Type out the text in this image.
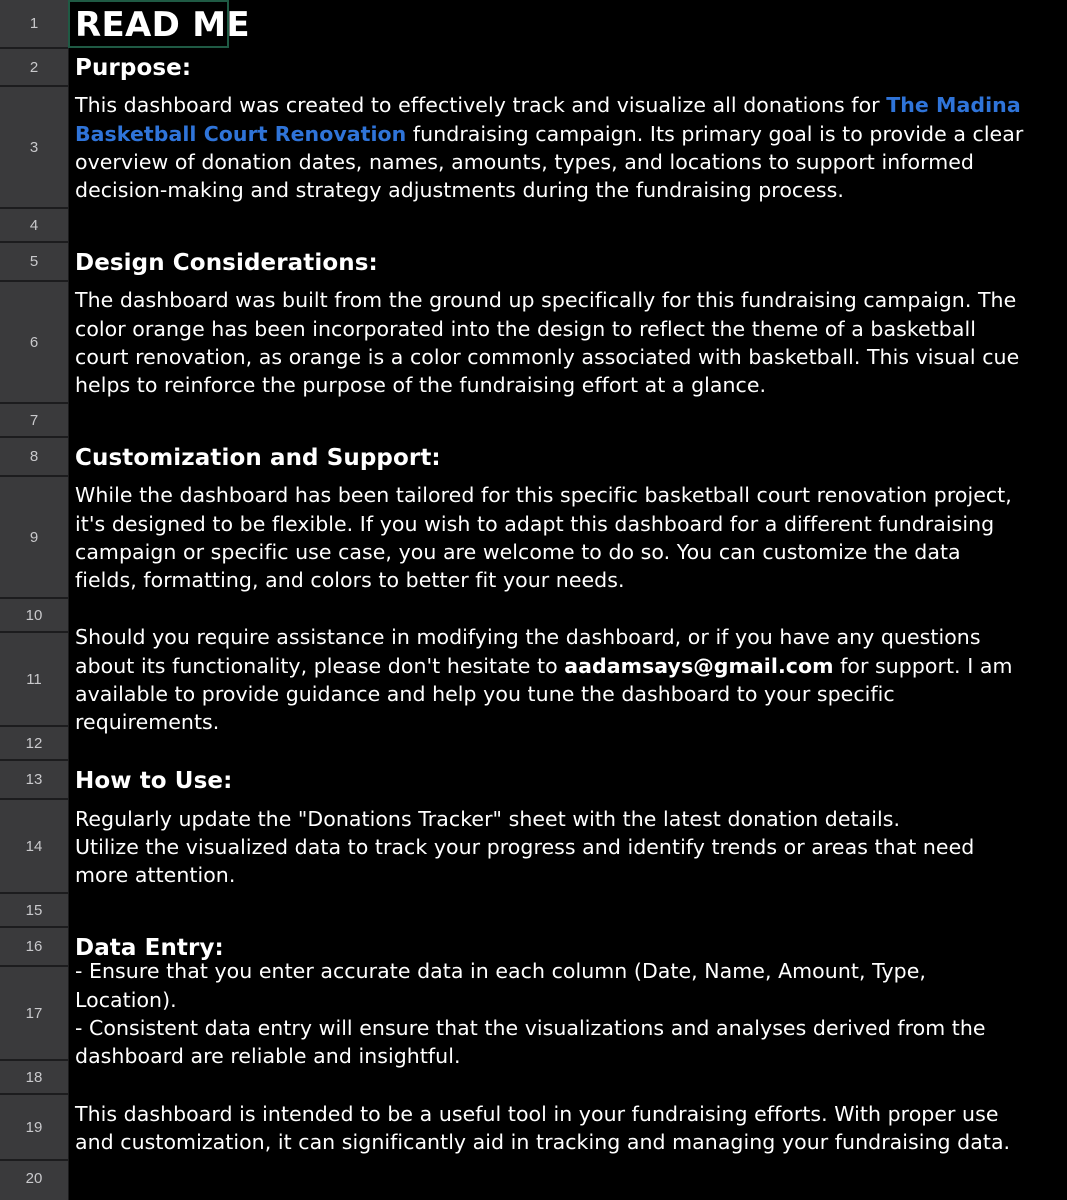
1	READ ME
2	Purpose:
3
This dashboard was created to effectively track and visualize all donations for The Madina Basketball Court Renovation fundraising campaign. Its primary goal is to provide a clear overview of donation dates, names, amounts, types, and locations to support informed decision-making and strategy adjustments during the fundraising process.
4
5	Design Considerations:
6
The dashboard was built from the ground up specifically for this fundraising campaign. The color orange has been incorporated into the design to reflect the theme of a basketball court renovation, as orange is a color commonly associated with basketball. This visual cue helps to reinforce the purpose of the fundraising effort at a glance.
7
8	Customization and Support:
9
While the dashboard has been tailored for this specific basketball court renovation project, it's designed to be flexible. If you wish to adapt this dashboard for a different fundraising campaign or specific use case, you are welcome to do so. You can customize the data fields, formatting, and colors to better fit your needs.
10
11
Should you require assistance in modifying the dashboard, or if you have any questions about its functionality, please don't hesitate to aadamsays@gmail.com for support. I am available to provide guidance and help you tune the dashboard to your specific requirements.
12
13	How to Use:
14
Regularly update the "Donations Tracker" sheet with the latest donation details.
Utilize the visualized data to track your progress and identify trends or areas that need more attention.
15
16	Data Entry:
17
- Ensure that you enter accurate data in each column (Date, Name, Amount, Type, Location).
- Consistent data entry will ensure that the visualizations and analyses derived from the dashboard are reliable and insightful.
18
19
This dashboard is intended to be a useful tool in your fundraising efforts. With proper use and customization, it can significantly aid in tracking and managing your fundraising data.
20
